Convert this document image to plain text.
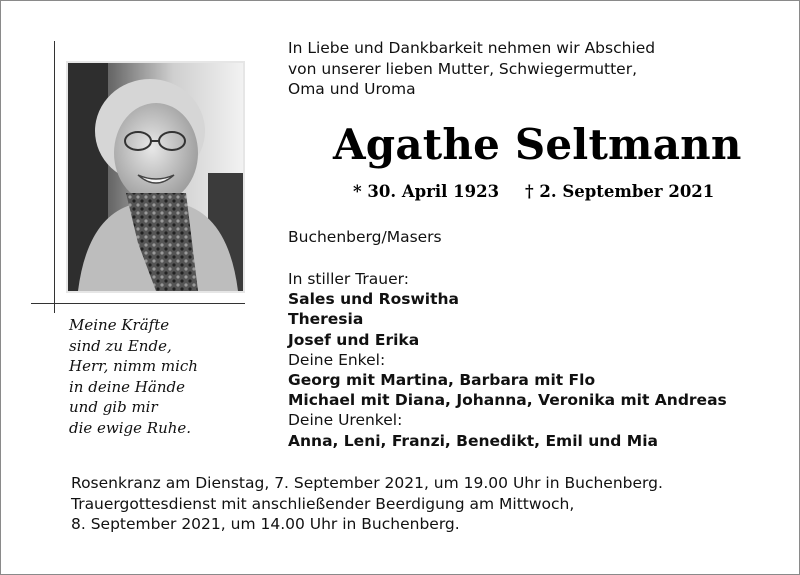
Meine Kräfte
sind zu Ende,
Herr, nimm mich
in deine Hände
und gib mir
die ewige Ruhe.
In Liebe und Dankbarkeit nehmen wir Abschied
von unserer lieben Mutter, Schwiegermutter,
Oma und Uroma
Agathe Seltmann
* 30. April 1923 † 2. September 2021
Buchenberg/Masers
In stiller Trauer:
Sales und Roswitha
Theresia
Josef und Erika
Deine Enkel:
Georg mit Martina, Barbara mit Flo
Michael mit Diana, Johanna, Veronika mit Andreas
Deine Urenkel:
Anna, Leni, Franzi, Benedikt, Emil und Mia
Rosenkranz am Dienstag, 7. September 2021, um 19.00 Uhr in Buchenberg.
Trauergottesdienst mit anschließender Beerdigung am Mittwoch,
8. September 2021, um 14.00 Uhr in Buchenberg.
